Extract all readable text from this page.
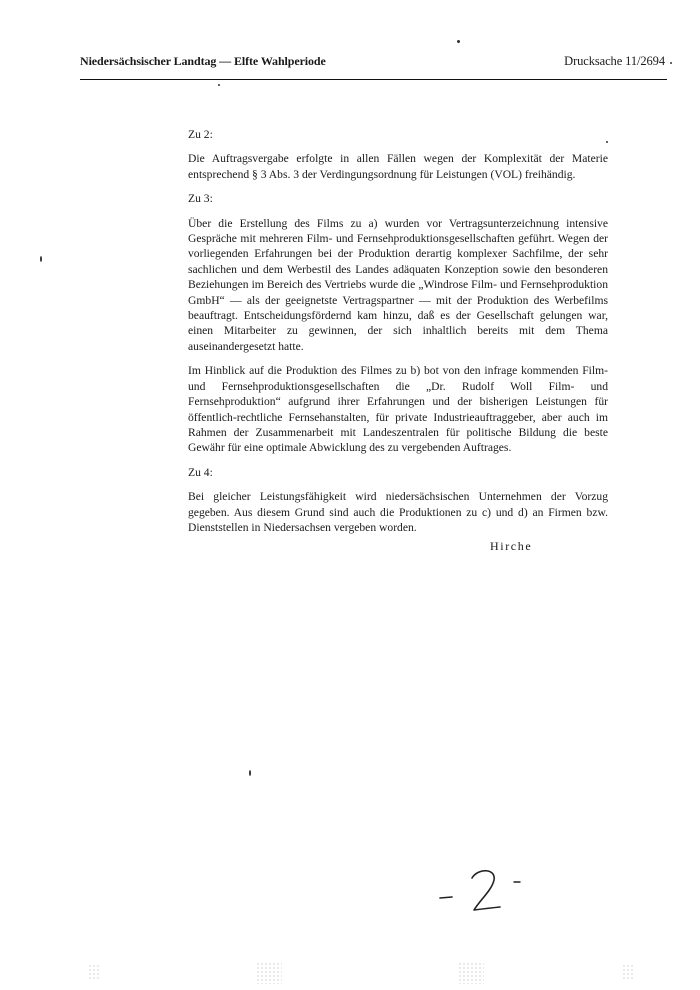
Niedersächsischer Landtag — Elfte Wahlperiode	Drucksache 11/2694

Zu 2:

Die Auftragsvergabe erfolgte in allen Fällen wegen der Komplexität der Materie entsprechend § 3 Abs. 3 der Verdingungsordnung für Leistungen (VOL) freihändig.

Zu 3:

Über die Erstellung des Films zu a) wurden vor Vertragsunterzeichnung intensive Gespräche mit mehreren Film- und Fernsehproduktionsgesellschaften geführt. Wegen der vorliegenden Erfahrungen bei der Produktion derartig komplexer Sachfilme, der sehr sachlichen und dem Werbestil des Landes adäquaten Konzeption sowie den besonderen Beziehungen im Bereich des Vertriebs wurde die „Windrose Film- und Fernsehproduktion GmbH“ — als der geeignetste Vertragspartner — mit der Produktion des Werbefilms beauftragt. Entscheidungsfördernd kam hinzu, daß es der Gesellschaft gelungen war, einen Mitarbeiter zu gewinnen, der sich inhaltlich bereits mit dem Thema auseinandergesetzt hatte.

Im Hinblick auf die Produktion des Filmes zu b) bot von den infrage kommenden Film- und Fernsehproduktionsgesellschaften die „Dr. Rudolf Woll Film- und Fernsehproduktion“ aufgrund ihrer Erfahrungen und der bisherigen Leistungen für öffentlich-rechtliche Fernsehanstalten, für private Industrieauftraggeber, aber auch im Rahmen der Zusammenarbeit mit Landeszentralen für politische Bildung die beste Gewähr für eine optimale Abwicklung des zu vergebenden Auftrages.

Zu 4:

Bei gleicher Leistungsfähigkeit wird niedersächsischen Unternehmen der Vorzug gegeben. Aus diesem Grund sind auch die Produktionen zu c) und d) an Firmen bzw. Dienststellen in Niedersachsen vergeben worden.

Hirche
